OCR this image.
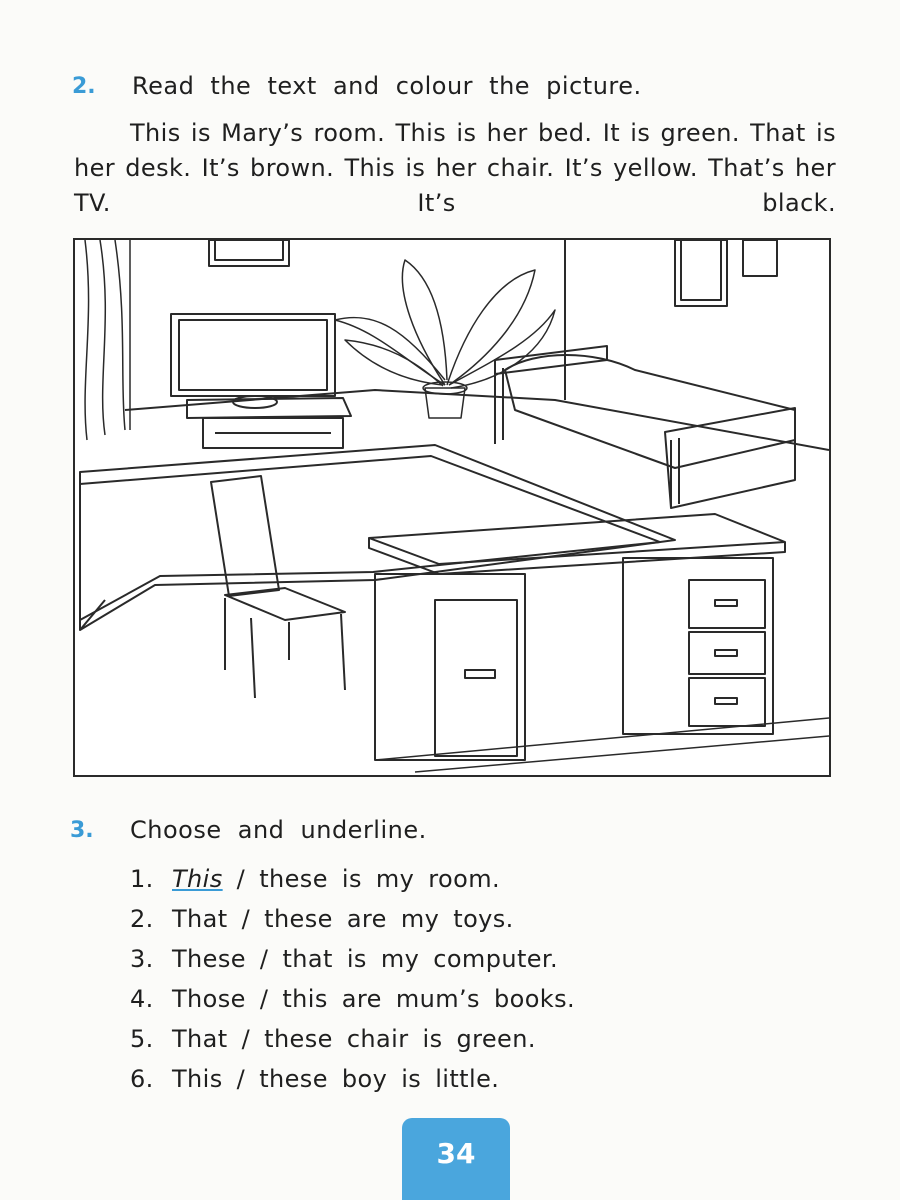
2. Read the text and colour the picture.
This is Mary’s room. This is her bed. It is green. That is her desk. It’s brown. This is her chair. It’s yellow. That’s her TV. It’s black.
3. Choose and underline.
1. This / these is my room.
2. That / these are my toys.
3. These / that is my computer.
4. Those / this are mum’s books.
5. That / these chair is green.
6. This / these boy is little.
34
